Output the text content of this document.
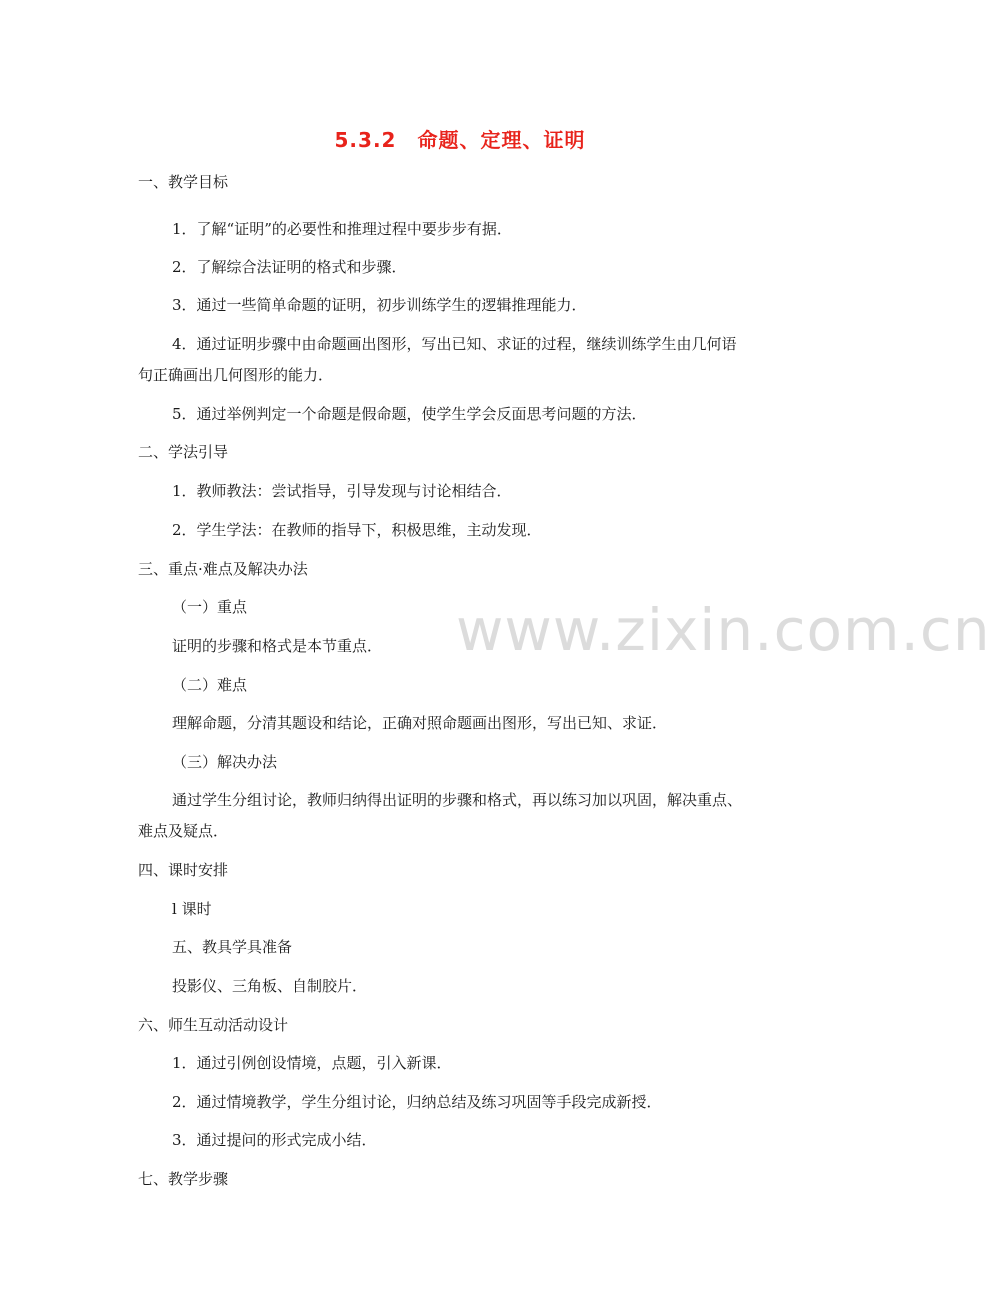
5.3.2　命题、定理、证明
www.zixin.com.cn
一、教学目标
1．了解“证明”的必要性和推理过程中要步步有据．
2．了解综合法证明的格式和步骤．
3．通过一些简单命题的证明，初步训练学生的逻辑推理能力．
4．通过证明步骤中由命题画出图形，写出已知、求证的过程，继续训练学生由几何语
句正确画出几何图形的能力．
5．通过举例判定一个命题是假命题，使学生学会反面思考问题的方法．
二、学法引导
1．教师教法：尝试指导，引导发现与讨论相结合．
2．学生学法：在教师的指导下，积极思维，主动发现．
三、重点·难点及解决办法
（一）重点
证明的步骤和格式是本节重点．
（二）难点
理解命题，分清其题设和结论，正确对照命题画出图形，写出已知、求证．
（三）解决办法
通过学生分组讨论，教师归纳得出证明的步骤和格式，再以练习加以巩固，解决重点、
难点及疑点．
四、课时安排
l 课时
五、教具学具准备
投影仪、三角板、自制胶片．
六、师生互动活动设计
1．通过引例创设情境，点题，引入新课．
2．通过情境教学，学生分组讨论，归纳总结及练习巩固等手段完成新授．
3．通过提问的形式完成小结．
七、教学步骤
